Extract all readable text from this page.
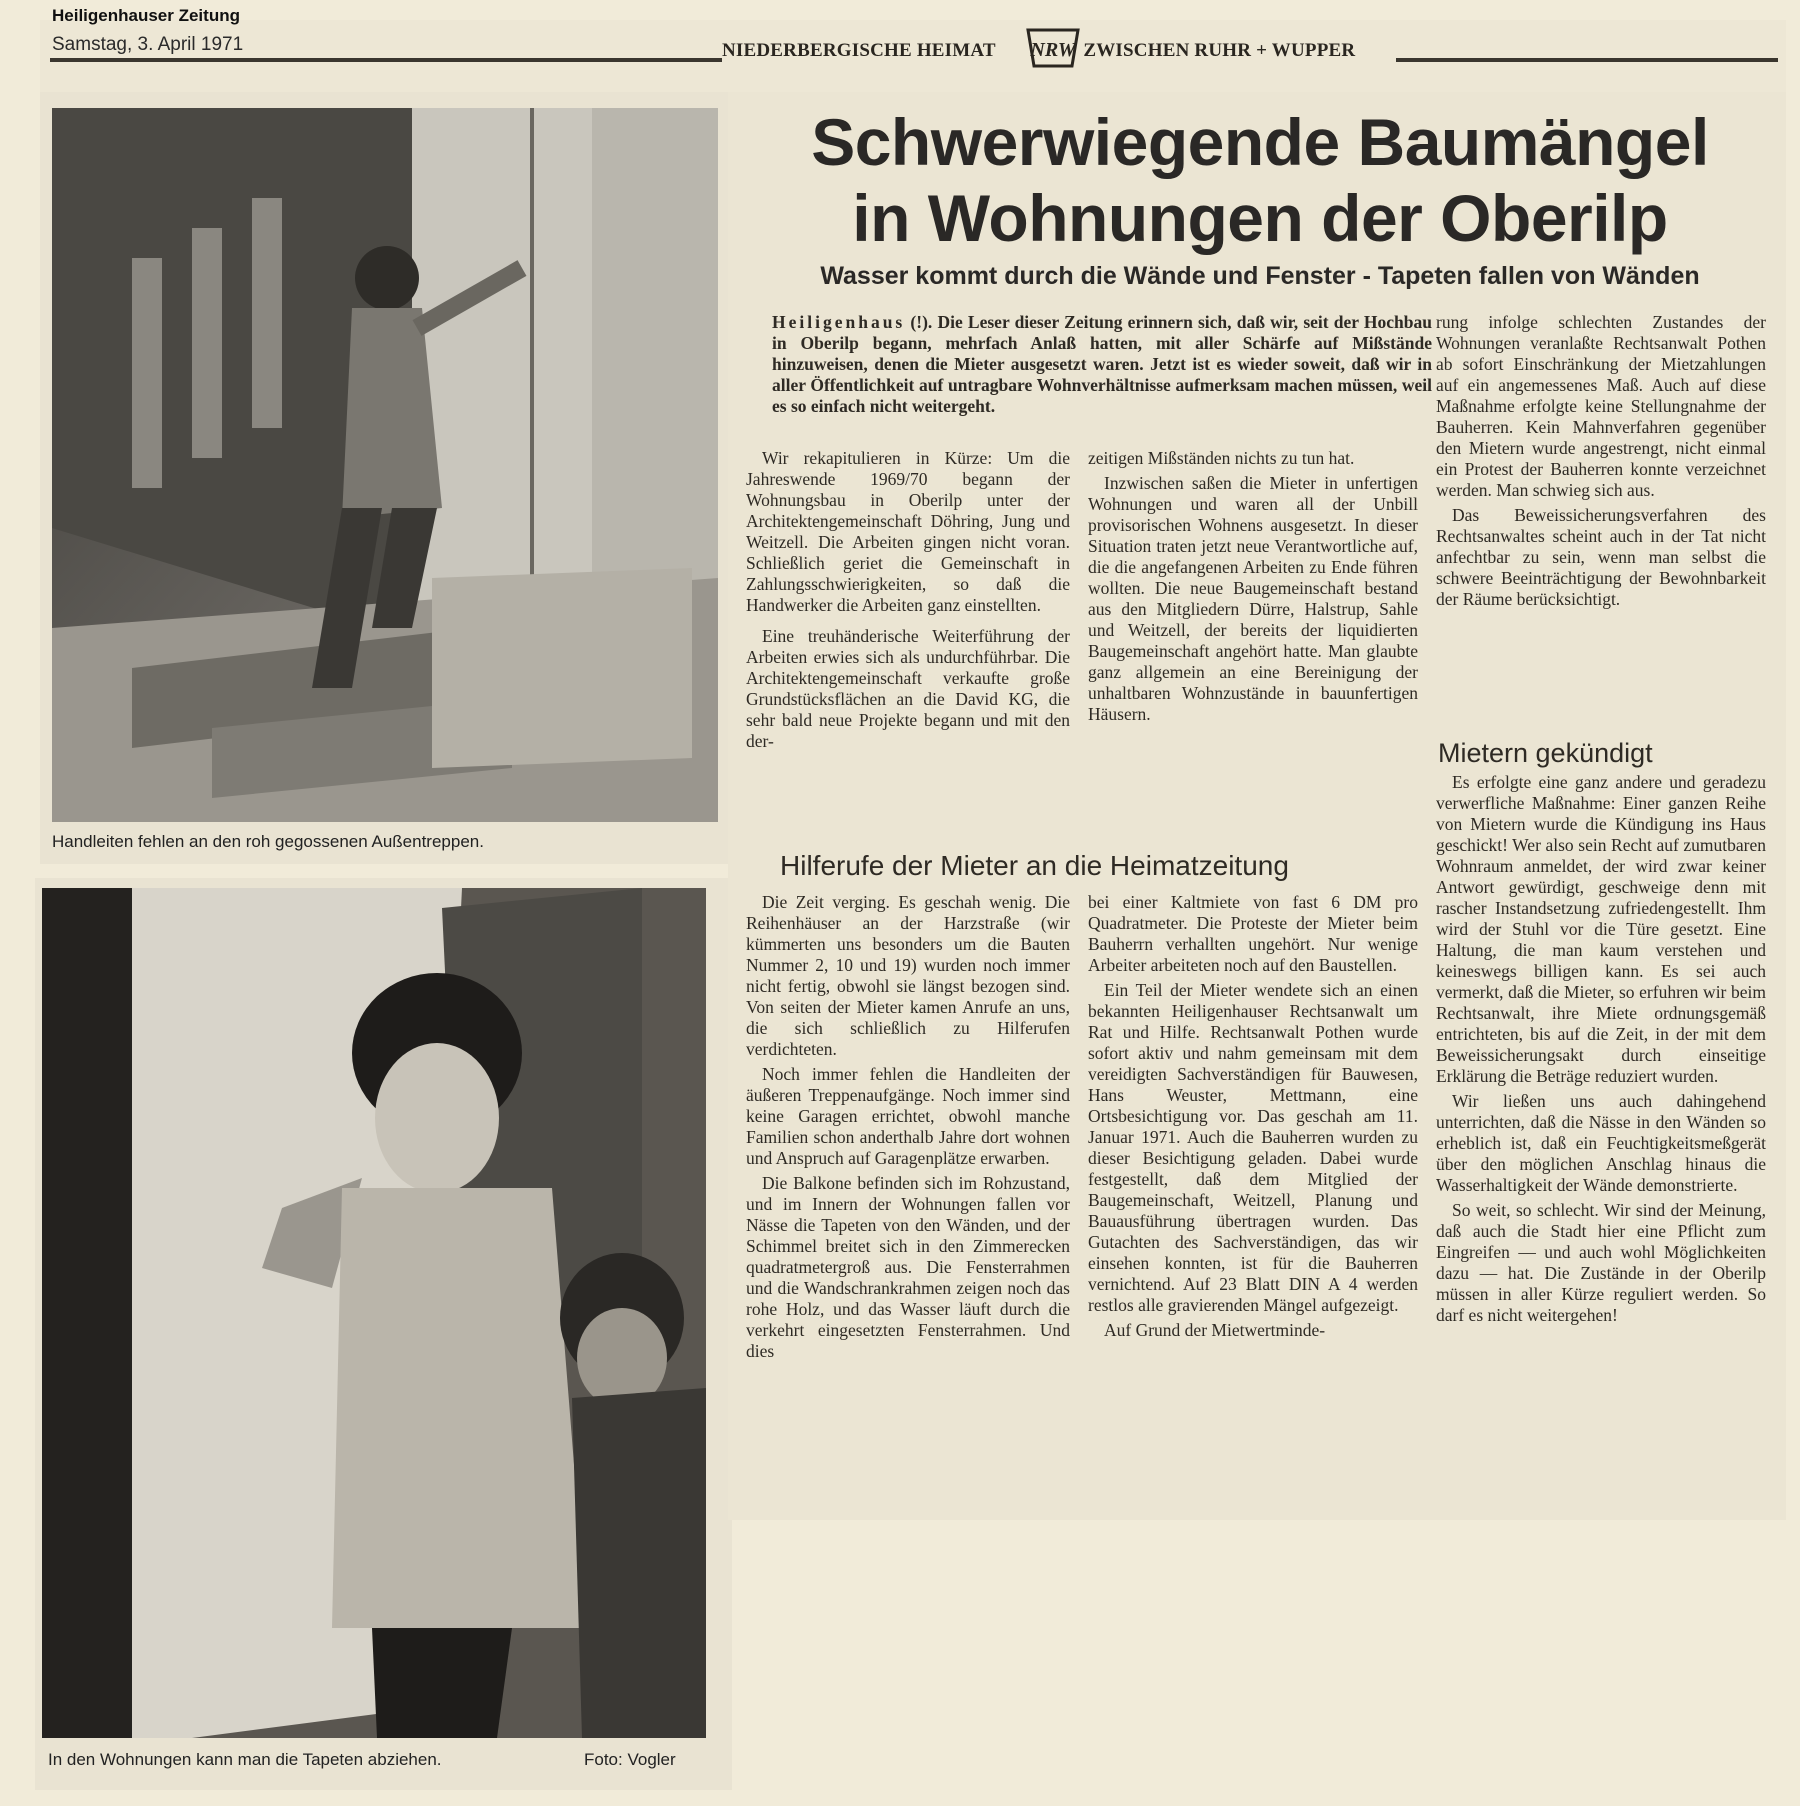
Heiligenhauser Zeitung
Samstag, 3. April 1971	NIEDERBERGISCHE HEIMAT	ZWISCHEN RUHR + WUPPER
NRW
Handleiten fehlen an den roh gegossenen Außentreppen.
In den Wohnungen kann man die Tapeten abziehen.	Foto: Vogler
Schwerwiegende Baumängel
in Wohnungen der Oberilp
Wasser kommt durch die Wände und Fenster - Tapeten fallen von Wänden
Heiligenhaus (!). Die Leser dieser Zeitung erinnern sich, daß wir, seit der Hochbau in Oberilp begann, mehrfach Anlaß hatten, mit aller Schärfe auf Mißstände hinzuweisen, denen die Mieter ausgesetzt waren. Jetzt ist es wieder soweit, daß wir in aller Öffentlichkeit auf untragbare Wohnverhältnisse aufmerksam machen müssen, weil es so einfach nicht weitergeht.

Wir rekapitulieren in Kürze: Um die Jahreswende 1969/70 begann der Wohnungsbau in Oberilp unter der Architektengemeinschaft Döhring, Jung und Weitzell. Die Arbeiten gingen nicht voran. Schließlich geriet die Gemeinschaft in Zahlungsschwierigkeiten, so daß die Handwerker die Arbeiten ganz einstellten.

Eine treuhänderische Weiterführung der Arbeiten erwies sich als undurchführbar. Die Architektengemeinschaft verkaufte große Grundstücksflächen an die David KG, die sehr bald neue Projekte begann und mit den der-

zeitigen Mißständen nichts zu tun hat.

Inzwischen saßen die Mieter in unfertigen Wohnungen und waren all der Unbill provisorischen Wohnens ausgesetzt. In dieser Situation traten jetzt neue Verantwortliche auf, die die angefangenen Arbeiten zu Ende führen wollten. Die neue Baugemeinschaft bestand aus den Mitgliedern Dürre, Halstrup, Sahle und Weitzell, der bereits der liquidierten Baugemeinschaft angehört hatte. Man glaubte ganz allgemein an eine Bereinigung der unhaltbaren Wohnzustände in bauunfertigen Häusern.

Hilferufe der Mieter an die Heimatzeitung

Die Zeit verging. Es geschah wenig. Die Reihenhäuser an der Harzstraße (wir kümmerten uns besonders um die Bauten Nummer 2, 10 und 19) wurden noch immer nicht fertig, obwohl sie längst bezogen sind. Von seiten der Mieter kamen Anrufe an uns, die sich schließlich zu Hilferufen verdichteten.

Noch immer fehlen die Handleiten der äußeren Treppenaufgänge. Noch immer sind keine Garagen errichtet, obwohl manche Familien schon anderthalb Jahre dort wohnen und Anspruch auf Garagenplätze erwarben.

Die Balkone befinden sich im Rohzustand, und im Innern der Wohnungen fallen vor Nässe die Tapeten von den Wänden, und der Schimmel breitet sich in den Zimmerecken quadratmetergroß aus. Die Fensterrahmen und die Wandschrankrahmen zeigen noch das rohe Holz, und das Wasser läuft durch die verkehrt eingesetzten Fensterrahmen. Und dies

bei einer Kaltmiete von fast 6 DM pro Quadratmeter. Die Proteste der Mieter beim Bauherrn verhallten ungehört. Nur wenige Arbeiter arbeiteten noch auf den Baustellen.

Ein Teil der Mieter wendete sich an einen bekannten Heiligenhauser Rechtsanwalt um Rat und Hilfe. Rechtsanwalt Pothen wurde sofort aktiv und nahm gemeinsam mit dem vereidigten Sachverständigen für Bauwesen, Hans Weuster, Mettmann, eine Ortsbesichtigung vor. Das geschah am 11. Januar 1971. Auch die Bauherren wurden zu dieser Besichtigung geladen. Dabei wurde festgestellt, daß dem Mitglied der Baugemeinschaft, Weitzell, Planung und Bauausführung übertragen wurden. Das Gutachten des Sachverständigen, das wir einsehen konnten, ist für die Bauherren vernichtend. Auf 23 Blatt DIN A 4 werden restlos alle gravierenden Mängel aufgezeigt.

Auf Grund der Mietwertminde-

rung infolge schlechten Zustandes der Wohnungen veranlaßte Rechtsanwalt Pothen ab sofort Einschränkung der Mietzahlungen auf ein angemessenes Maß. Auch auf diese Maßnahme erfolgte keine Stellungnahme der Bauherren. Kein Mahnverfahren gegenüber den Mietern wurde angestrengt, nicht einmal ein Protest der Bauherren konnte verzeichnet werden. Man schwieg sich aus.

Das Beweissicherungsverfahren des Rechtsanwaltes scheint auch in der Tat nicht anfechtbar zu sein, wenn man selbst die schwere Beeinträchtigung der Bewohnbarkeit der Räume berücksichtigt.

Mietern gekündigt

Es erfolgte eine ganz andere und geradezu verwerfliche Maßnahme: Einer ganzen Reihe von Mietern wurde die Kündigung ins Haus geschickt! Wer also sein Recht auf zumutbaren Wohnraum anmeldet, der wird zwar keiner Antwort gewürdigt, geschweige denn mit rascher Instandsetzung zufriedengestellt. Ihm wird der Stuhl vor die Türe gesetzt. Eine Haltung, die man kaum verstehen und keineswegs billigen kann. Es sei auch vermerkt, daß die Mieter, so erfuhren wir beim Rechtsanwalt, ihre Miete ordnungsgemäß entrichteten, bis auf die Zeit, in der mit dem Beweissicherungsakt durch einseitige Erklärung die Beträge reduziert wurden.

Wir ließen uns auch dahingehend unterrichten, daß die Nässe in den Wänden so erheblich ist, daß ein Feuchtigkeitsmeßgerät über den möglichen Anschlag hinaus die Wasserhaltigkeit der Wände demonstrierte.

So weit, so schlecht. Wir sind der Meinung, daß auch die Stadt hier eine Pflicht zum Eingreifen — und auch wohl Möglichkeiten dazu — hat. Die Zustände in der Oberilp müssen in aller Kürze reguliert werden. So darf es nicht weitergehen!
